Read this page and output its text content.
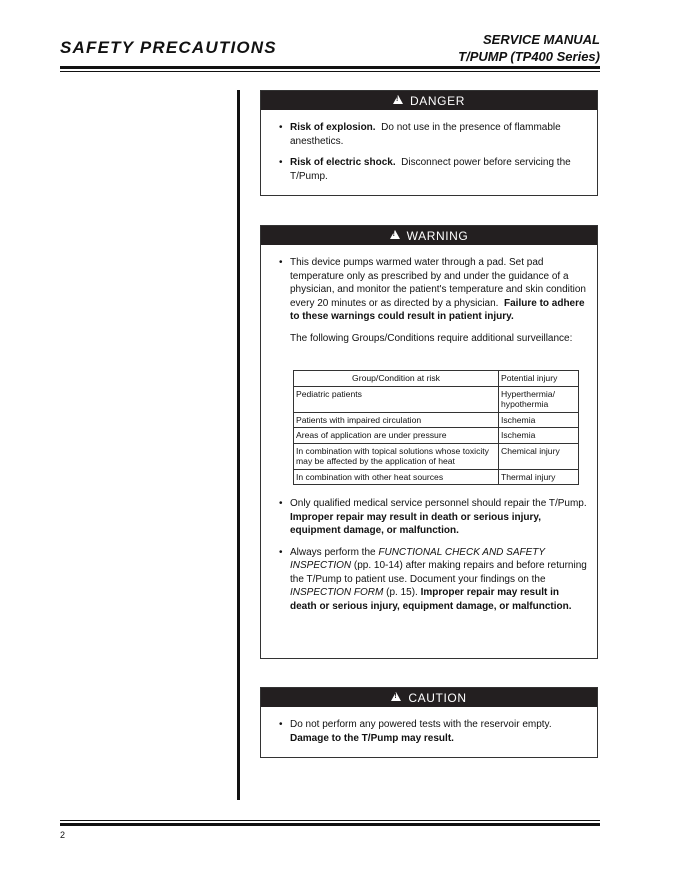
SAFETY PRECAUTIONS	SERVICE MANUAL
T/PUMP (TP400 Series)
!
DANGER
• Risk of explosion. Do not use in the presence of flammable anesthetics.
• Risk of electric shock. Disconnect power before servicing the T/Pump.
!
WARNING
• This device pumps warmed water through a pad. Set pad temperature only as prescribed by and under the guidance of a physician, and monitor the patient's temperature and skin condition every 20 minutes or as directed by a physician. Failure to adhere to these warnings could result in patient injury.

The following Groups/Conditions require additional surveillance:

Group/Condition at risk	Potential injury
Pediatric patients	Hyperthermia/ hypothermia
Patients with impaired circulation	Ischemia
Areas of application are under pressure	Ischemia
In combination with topical solutions whose toxicity may be affected by the application of heat	Chemical injury
In combination with other heat sources	Thermal injury
• Only qualified medical service personnel should repair the T/Pump. Improper repair may result in death or serious injury, equipment damage, or malfunction.
• Always perform the FUNCTIONAL CHECK AND SAFETY INSPECTION (pp. 10-14) after making repairs and before returning the T/Pump to patient use. Document your findings on the INSPECTION FORM (p. 15). Improper repair may result in death or serious injury, equipment damage, or malfunction.
!
CAUTION
• Do not perform any powered tests with the reservoir empty. Damage to the T/Pump may result.
2
